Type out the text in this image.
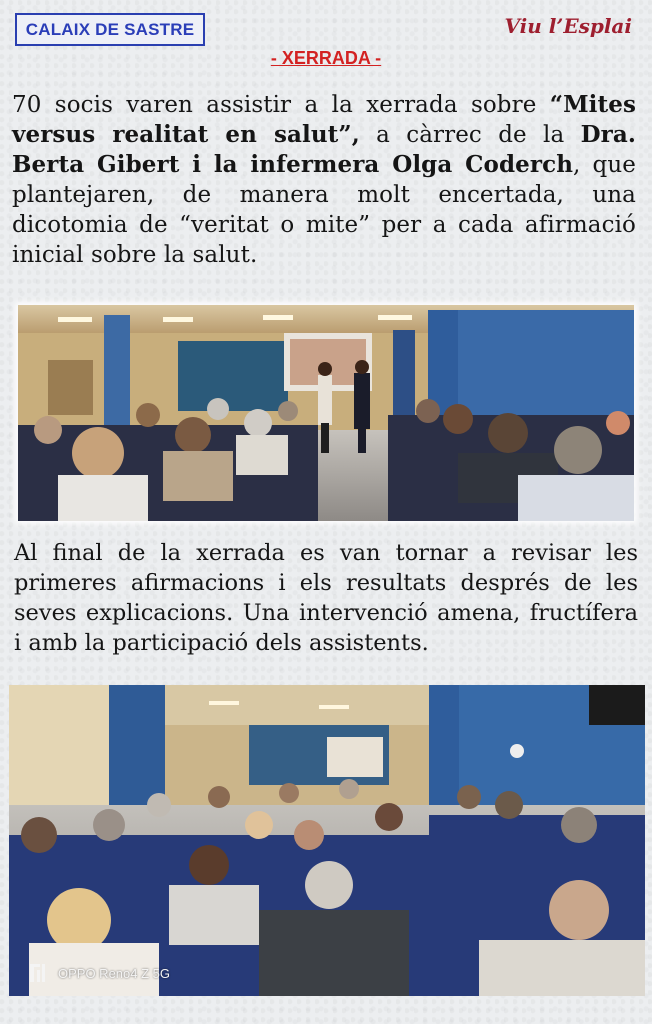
CALAIX DE SASTRE	Viu l’Esplai
- XERRADA -

70 socis varen assistir a la xerrada sobre “Mites versus realitat en salut”, a càrrec de la Dra. Berta Gibert i la infermera Olga Coderch, que plantejaren, de manera molt encertada, una dicotomia de “veritat o mite” per a cada afirmació inicial sobre la salut.

Al final de la xerrada es van tornar a revisar les primeres afirmacions i els resultats després de les seves explicacions. Una intervenció amena, fructífera i amb la participació dels assistents.

OPPO Reno4 Z 5G
